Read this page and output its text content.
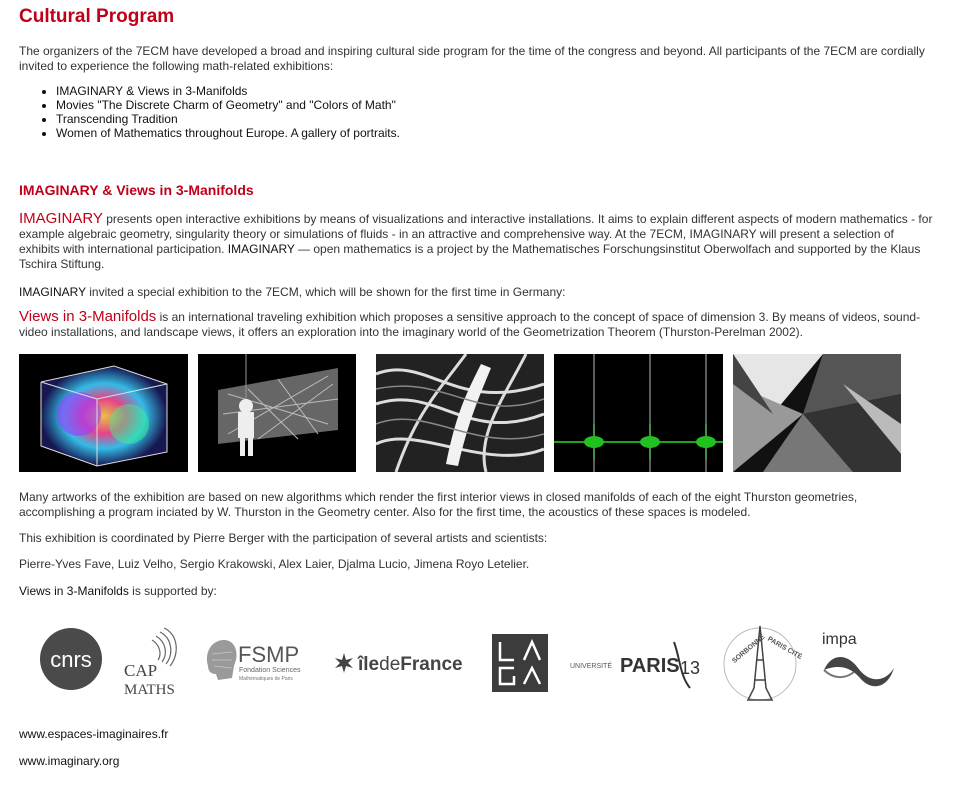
Cultural Program

The organizers of the 7ECM have developed a broad and inspiring cultural side program for the time of the congress and beyond. All participants of the 7ECM are cordially invited to experience the following math-related exhibitions:

• IMAGINARY & Views in 3-Manifolds
• Movies "The Discrete Charm of Geometry" and "Colors of Math"
• Transcending Tradition
• Women of Mathematics throughout Europe. A gallery of portraits.
IMAGINARY & Views in 3-Manifolds

IMAGINARY presents open interactive exhibitions by means of visualizations and interactive installations. It aims to explain different aspects of modern mathematics - for example algebraic geometry, singularity theory or simulations of fluids - in an attractive and comprehensive way. At the 7ECM, IMAGINARY will present a selection of exhibits with international participation. IMAGINARY — open mathematics is a project by the Mathematisches Forschungsinstitut Oberwolfach and supported by the Klaus Tschira Stiftung.

IMAGINARY invited a special exhibition to the 7ECM, which will be shown for the first time in Germany:

Views in 3-Manifolds is an international traveling exhibition which proposes a sensitive approach to the concept of space of dimension 3. By means of videos, sound-video installations, and landscape views, it offers an exploration into the imaginary world of the Geometrization Theorem (Thurston-Perelman 2002).

Many artworks of the exhibition are based on new algorithms which render the first interior views in closed manifolds of each of the eight Thurston geometries, accomplishing a program inciated by W. Thurston in the Geometry center. Also for the first time, the acoustics of these spaces is modeled.

This exhibition is coordinated by Pierre Berger with the participation of several artists and scientists:

Pierre-Yves Fave, Luiz Velho, Sergio Krakowski, Alex Laier, Djalma Lucio, Jimena Royo Letelier.

Views in 3-Manifolds is supported by:

cnrs CAP
MATHS
FSMP
Fondation Sciences
Mathématiques de Paris
îledeFrance	UNIVERSITÉ PARIS 13
SORBONNE PARIS CITÉ impa
www.espaces-imaginaires.fr
www.imaginary.org
